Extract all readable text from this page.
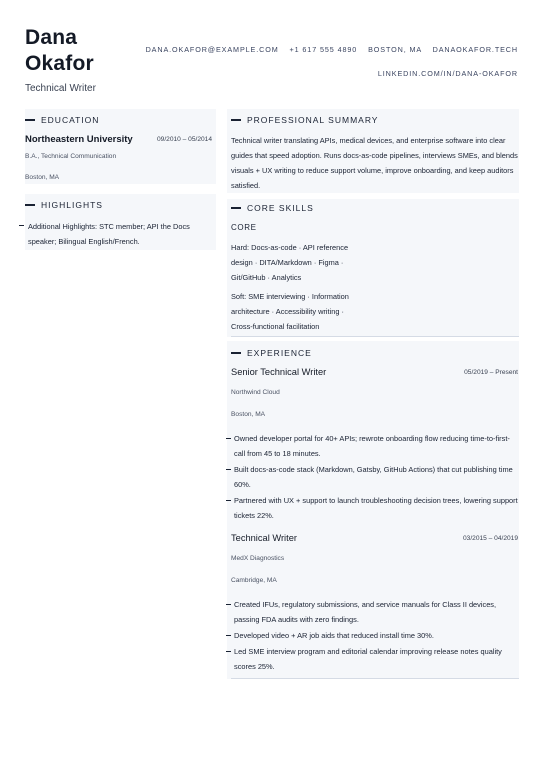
Dana
Okafor
Technical Writer
DANA.OKAFOR@EXAMPLE.COM +1 617 555 4890 BOSTON, MA DANAOKAFOR.TECH
LINKEDIN.COM/IN/DANA-OKAFOR
EDUCATION
Northeastern University	09/2010 – 05/2014
B.A., Technical Communication
Boston, MA
HIGHLIGHTS
Additional Highlights: STC member; API the Docs speaker; Bilingual English/French.
PROFESSIONAL SUMMARY
Technical writer translating APIs, medical devices, and enterprise software into clear guides that speed adoption. Runs docs-as-code pipelines, interviews SMEs, and blends visuals + UX writing to reduce support volume, improve onboarding, and keep auditors satisfied.
CORE SKILLS
CORE
Hard: Docs-as-code · API reference design · DITA/Markdown · Figma · Git/GitHub · Analytics
Soft: SME interviewing · Information architecture · Accessibility writing · Cross-functional facilitation
EXPERIENCE
Senior Technical Writer	05/2019 – Present
Northwind Cloud
Boston, MA
Owned developer portal for 40+ APIs; rewrote onboarding flow reducing time-to-first-call from 45 to 18 minutes.
Built docs-as-code stack (Markdown, Gatsby, GitHub Actions) that cut publishing time 60%.
Partnered with UX + support to launch troubleshooting decision trees, lowering support tickets 22%.
Technical Writer	03/2015 – 04/2019
MedX Diagnostics
Cambridge, MA
Created IFUs, regulatory submissions, and service manuals for Class II devices, passing FDA audits with zero findings.
Developed video + AR job aids that reduced install time 30%.
Led SME interview program and editorial calendar improving release notes quality scores 25%.
